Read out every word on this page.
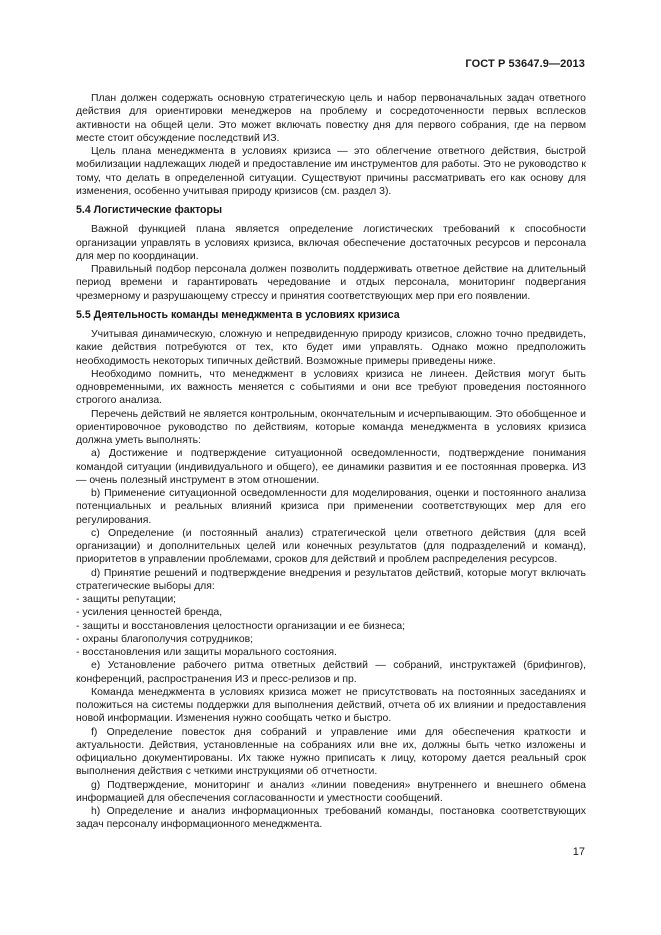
ГОСТ Р 53647.9—2013

План должен содержать основную стратегическую цель и набор первоначальных задач ответного действия для ориентировки менеджеров на проблему и сосредоточенности первых всплесков активности на общей цели. Это может включать повестку дня для первого собрания, где на первом месте стоит обсуждение последствий ИЗ.

Цель плана менеджмента в условиях кризиса — это облегчение ответного действия, быстрой мобилизации надлежащих людей и предоставление им инструментов для работы. Это не руководство к тому, что делать в определенной ситуации. Существуют причины рассматривать его как основу для изменения, особенно учитывая природу кризисов (см. раздел 3).

5.4 Логистические факторы

Важной функцией плана является определение логистических требований к способности организации управлять в условиях кризиса, включая обеспечение достаточных ресурсов и персонала для мер по координации.

Правильный подбор персонала должен позволить поддерживать ответное действие на длительный период времени и гарантировать чередование и отдых персонала, мониторинг подвергания чрезмерному и разрушающему стрессу и принятия соответствующих мер при его появлении.

5.5 Деятельность команды менеджмента в условиях кризиса

Учитывая динамическую, сложную и непредвиденную природу кризисов, сложно точно предвидеть, какие действия потребуются от тех, кто будет ими управлять. Однако можно предположить необходимость некоторых типичных действий. Возможные примеры приведены ниже.

Необходимо помнить, что менеджмент в условиях кризиса не линеен. Действия могут быть одновременными, их важность меняется с событиями и они все требуют проведения постоянного строгого анализа.

Перечень действий не является контрольным, окончательным и исчерпывающим. Это обобщенное и ориентировочное руководство по действиям, которые команда менеджмента в условиях кризиса должна уметь выполнять:

a) Достижение и подтверждение ситуационной осведомленности, подтверждение понимания командой ситуации (индивидуального и общего), ее динамики развития и ее постоянная проверка. ИЗ — очень полезный инструмент в этом отношении.

b) Применение ситуационной осведомленности для моделирования, оценки и постоянного анализа потенциальных и реальных влияний кризиса при применении соответствующих мер для его регулирования.

c) Определение (и постоянный анализ) стратегической цели ответного действия (для всей организации) и дополнительных целей или конечных результатов (для подразделений и команд), приоритетов в управлении проблемами, сроков для действий и проблем распределения ресурсов.

d) Принятие решений и подтверждение внедрения и результатов действий, которые могут включать стратегические выборы для:

- защиты репутации;

- усиления ценностей бренда,

- защиты и восстановления целостности организации и ее бизнеса;

- охраны благополучия сотрудников;

- восстановления или защиты морального состояния.

e) Установление рабочего ритма ответных действий — собраний, инструктажей (брифингов), конференций, распространения ИЗ и пресс-релизов и пр.

Команда менеджмента в условиях кризиса может не присутствовать на постоянных заседаниях и положиться на системы поддержки для выполнения действий, отчета об их влиянии и предоставления новой информации. Изменения нужно сообщать четко и быстро.

f) Определение повесток дня собраний и управление ими для обеспечения краткости и актуальности. Действия, установленные на собраниях или вне их, должны быть четко изложены и официально документированы. Их также нужно приписать к лицу, которому дается реальный срок выполнения действия с четкими инструкциями об отчетности.

g) Подтверждение, мониторинг и анализ «линии поведения» внутреннего и внешнего обмена информацией для обеспечения согласованности и уместности сообщений.

h) Определение и анализ информационных требований команды, постановка соответствующих задач персоналу информационного менеджмента.

17
